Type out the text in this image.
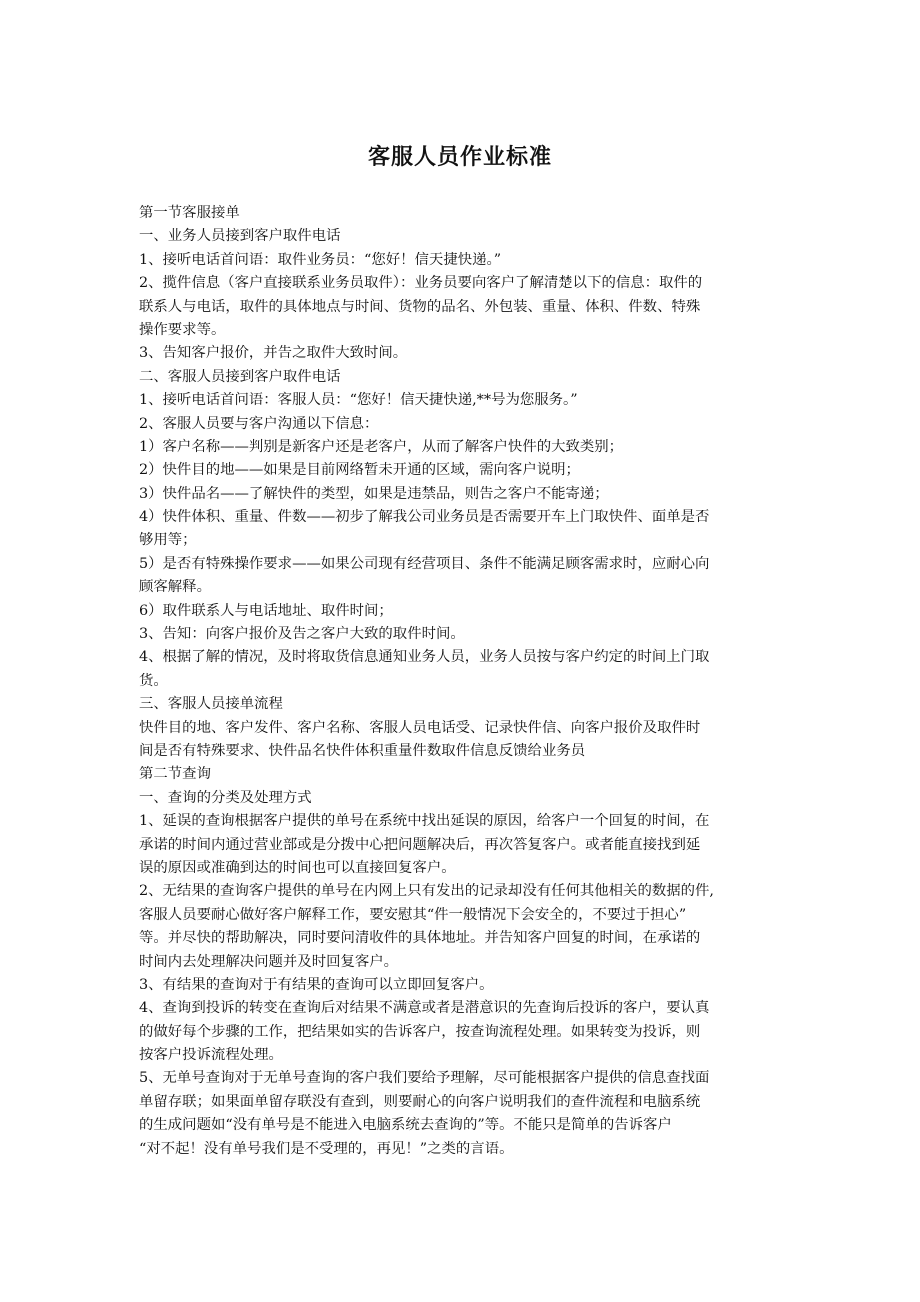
客服人员作业标准
第一节客服接单
一、业务人员接到客户取件电话
1、接听电话首问语：取件业务员：“您好！信天捷快递。”
2、揽件信息（客户直接联系业务员取件）：业务员要向客户了解清楚以下的信息：取件的
联系人与电话，取件的具体地点与时间、货物的品名、外包装、重量、体积、件数、特殊
操作要求等。
3、告知客户报价，并告之取件大致时间。
二、客服人员接到客户取件电话
1、接听电话首问语：客服人员：“您好！信天捷快递,**号为您服务。”
2、客服人员要与客户沟通以下信息：
1）客户名称——判别是新客户还是老客户，从而了解客户快件的大致类别；
2）快件目的地——如果是目前网络暂未开通的区域，需向客户说明；
3）快件品名——了解快件的类型，如果是违禁品，则告之客户不能寄递；
4）快件体积、重量、件数——初步了解我公司业务员是否需要开车上门取快件、面单是否
够用等；
5）是否有特殊操作要求——如果公司现有经营项目、条件不能满足顾客需求时，应耐心向
顾客解释。
6）取件联系人与电话地址、取件时间；
3、告知：向客户报价及告之客户大致的取件时间。
4、根据了解的情况，及时将取货信息通知业务人员，业务人员按与客户约定的时间上门取
货。
三、客服人员接单流程
快件目的地、客户发件、客户名称、客服人员电话受、记录快件信、向客户报价及取件时
间是否有特殊要求、快件品名快件体积重量件数取件信息反馈给业务员
第二节查询
一、查询的分类及处理方式
1、延误的查询根据客户提供的单号在系统中找出延误的原因，给客户一个回复的时间，在
承诺的时间内通过营业部或是分拨中心把问题解决后，再次答复客户。或者能直接找到延
误的原因或准确到达的时间也可以直接回复客户。
2、无结果的查询客户提供的单号在内网上只有发出的记录却没有任何其他相关的数据的件,
客服人员要耐心做好客户解释工作，要安慰其“件一般情况下会安全的，不要过于担心”
等。并尽快的帮助解决，同时要问清收件的具体地址。并告知客户回复的时间，在承诺的
时间内去处理解决问题并及时回复客户。
3、有结果的查询对于有结果的查询可以立即回复客户。
4、查询到投诉的转变在查询后对结果不满意或者是潜意识的先查询后投诉的客户，要认真
的做好每个步骤的工作，把结果如实的告诉客户，按查询流程处理。如果转变为投诉，则
按客户投诉流程处理。
5、无单号查询对于无单号查询的客户我们要给予理解，尽可能根据客户提供的信息查找面
单留存联；如果面单留存联没有查到，则要耐心的向客户说明我们的查件流程和电脑系统
的生成问题如“没有单号是不能进入电脑系统去查询的”等。不能只是简单的告诉客户
“对不起！没有单号我们是不受理的，再见！”之类的言语。
